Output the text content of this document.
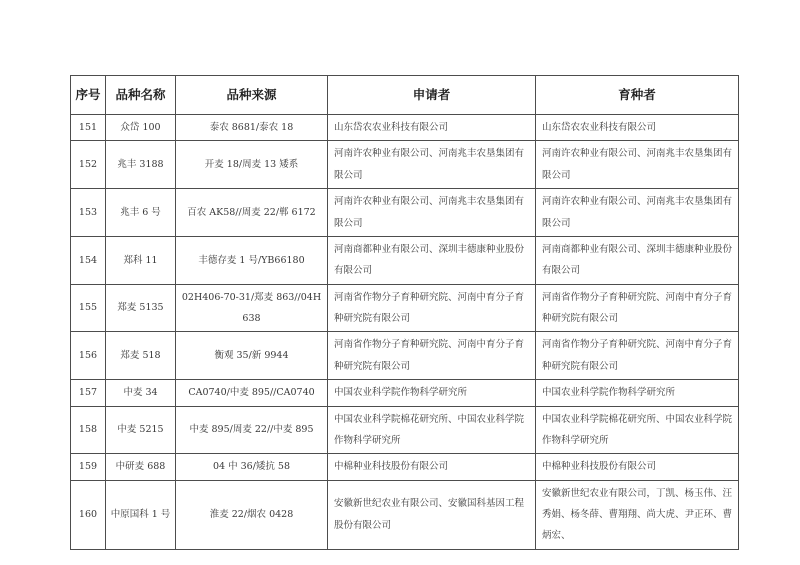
序号	品种名称	品种来源	申请者	育种者
151	众岱 100	泰农 8681/泰农 18	山东岱农农业科技有限公司	山东岱农农业科技有限公司
152	兆丰 3188	开麦 18/周麦 13 矮系	河南许农种业有限公司、河南兆丰农垦集团有限公司	河南许农种业有限公司、河南兆丰农垦集团有限公司
153	兆丰 6 号	百农 AK58//周麦 22/郸 6172	河南许农种业有限公司、河南兆丰农垦集团有限公司	河南许农种业有限公司、河南兆丰农垦集团有限公司
154	郑科 11	丰德存麦 1 号/YB66180	河南商都种业有限公司、深圳丰德康种业股份有限公司	河南商都种业有限公司、深圳丰德康种业股份有限公司
155	郑麦 5135	02H406-70-31/郑麦 863//04H638	河南省作物分子育种研究院、河南中育分子育种研究院有限公司	河南省作物分子育种研究院、河南中育分子育种研究院有限公司
156	郑麦 518	衡观 35/新 9944	河南省作物分子育种研究院、河南中育分子育种研究院有限公司	河南省作物分子育种研究院、河南中育分子育种研究院有限公司
157	中麦 34	CA0740/中麦 895//CA0740	中国农业科学院作物科学研究所	中国农业科学院作物科学研究所
158	中麦 5215	中麦 895/周麦 22//中麦 895	中国农业科学院棉花研究所、中国农业科学院作物科学研究所	中国农业科学院棉花研究所、中国农业科学院作物科学研究所
159	中研麦 688	04 中 36/矮抗 58	中棉种业科技股份有限公司	中棉种业科技股份有限公司
160	中原国科 1 号	淮麦 22/烟农 0428	安徽新世纪农业有限公司、安徽国科基因工程股份有限公司	安徽新世纪农业有限公司，丁凯、杨玉伟、汪秀娟、杨冬薛、曹翔翔、尚大虎、尹正环、曹炳宏、
